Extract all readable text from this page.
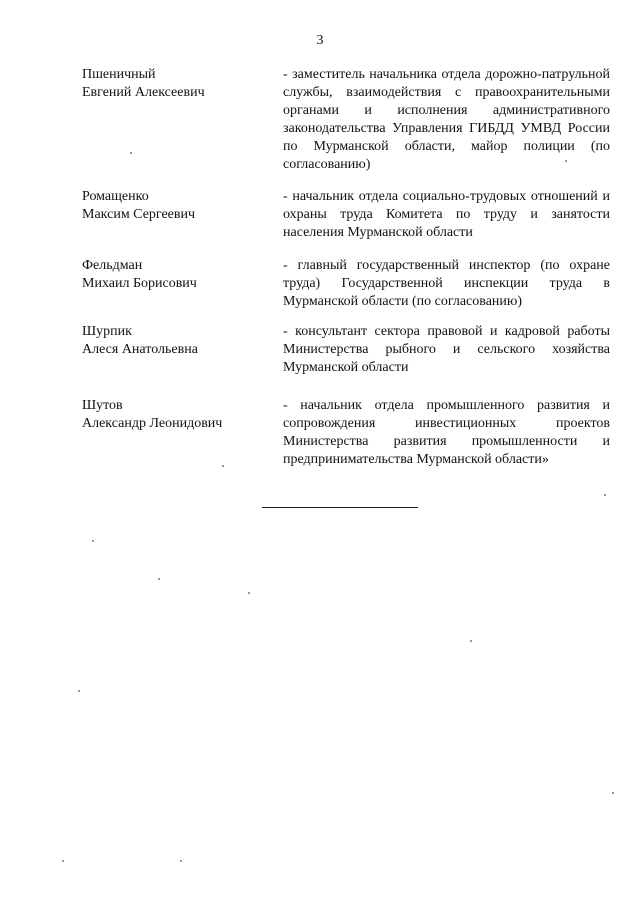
3
Пшеничный
Евгений Алексеевич
- заместитель начальника отдела дорожно-патрульной службы, взаимодействия с правоохранительными органами и исполнения административного законодательства Управления ГИБДД УМВД России по Мурманской области, майор полиции (по согласованию)
Ромащенко
Максим Сергеевич
- начальник отдела социально-трудовых отношений и охраны труда Комитета по труду и занятости населения Мурманской области
Фельдман
Михаил Борисович
- главный государственный инспектор (по охране труда) Государственной инспекции труда в Мурманской области (по согласованию)
Шурпик
Алеся Анатольевна
- консультант сектора правовой и кадровой работы Министерства рыбного и сельского хозяйства Мурманской области
Шутов
Александр Леонидович
- начальник отдела промышленного развития и сопровождения инвестиционных проектов Министерства развития промышленности и предпринимательства Мурманской области»
